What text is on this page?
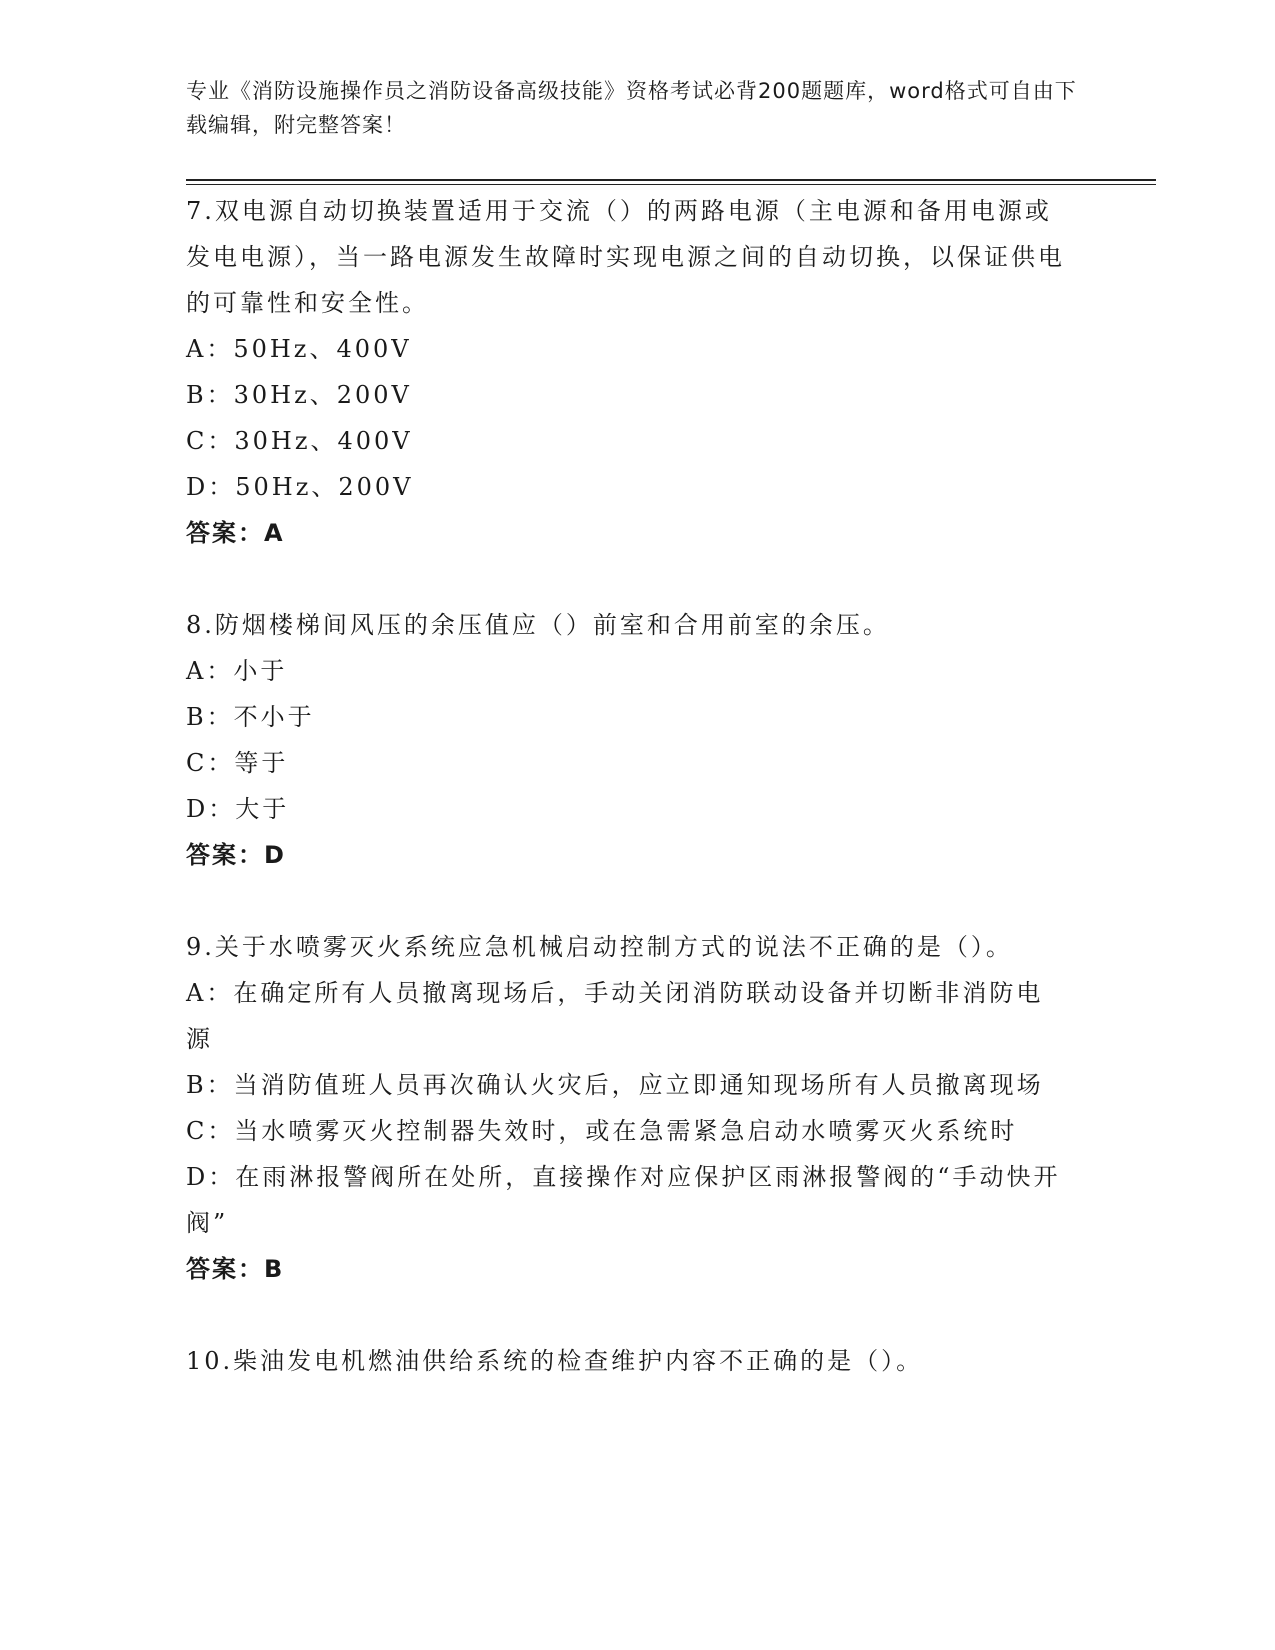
专业《消防设施操作员之消防设备高级技能》资格考试必背200题题库，word格式可自由下载编辑，附完整答案！

7.双电源自动切换装置适用于交流（）的两路电源（主电源和备用电源或发电电源），当一路电源发生故障时实现电源之间的自动切换，以保证供电的可靠性和安全性。

A：50Hz、400V

B：30Hz、200V

C：30Hz、400V

D：50Hz、200V

答案：A

8.防烟楼梯间风压的余压值应（）前室和合用前室的余压。

A：小于

B：不小于

C：等于

D：大于

答案：D

9.关于水喷雾灭火系统应急机械启动控制方式的说法不正确的是（）。

A：在确定所有人员撤离现场后，手动关闭消防联动设备并切断非消防电源

B：当消防值班人员再次确认火灾后，应立即通知现场所有人员撤离现场

C：当水喷雾灭火控制器失效时，或在急需紧急启动水喷雾灭火系统时

D：在雨淋报警阀所在处所，直接操作对应保护区雨淋报警阀的“手动快开阀”

答案：B

10.柴油发电机燃油供给系统的检查维护内容不正确的是（）。
